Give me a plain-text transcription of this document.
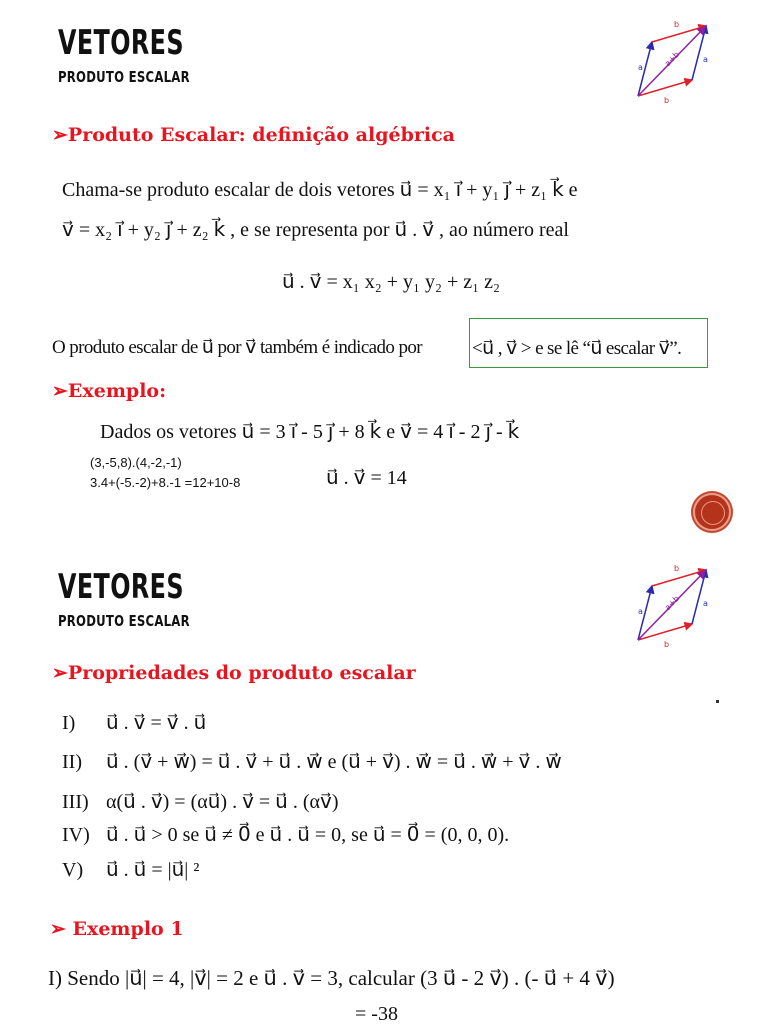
VETORES
PRODUTO ESCALAR
b
a
a
b
a+b
➢Produto Escalar: definição algébrica
Chama-se produto escalar de dois vetores u⃗ = x₁ i⃗ + y₁ j⃗ + z₁ k⃗ e
v⃗ = x₂ i⃗ + y₂ j⃗ + z₂ k⃗ , e se representa por u⃗ . v⃗ , ao número real
u⃗ . v⃗ = x₁ x₂ + y₁ y₂ + z₁ z₂
O produto escalar de u⃗ por v⃗ também é indicado por	<u⃗ , v⃗ > e se lê “u⃗ escalar v⃗”.
➢Exemplo:
Dados os vetores u⃗ = 3 i⃗ - 5 j⃗ + 8 k⃗ e v⃗ = 4 i⃗ - 2 j⃗ - k⃗
(3,-5,8).(4,-2,-1)
3.4+(-5.-2)+8.-1 =12+10-8	u⃗ . v⃗ = 14
VETORES
PRODUTO ESCALAR
b
a
a
b
a+b
➢Propriedades do produto escalar
I) u⃗ . v⃗ = v⃗ . u⃗
II) u⃗ . (v⃗ + w⃗) = u⃗ . v⃗ + u⃗ . w⃗ e (u⃗ + v⃗) . w⃗ = u⃗ . w⃗ + v⃗ . w⃗
III) α(u⃗ . v⃗) = (αu⃗) . v⃗ = u⃗ . (αv⃗)
IV) u⃗ . u⃗ > 0 se u⃗ ≠ 0⃗ e u⃗ . u⃗ = 0, se u⃗ = 0⃗ = (0, 0, 0).
V) u⃗ . u⃗ = |u⃗| ²
➢ Exemplo 1
I) Sendo |u⃗| = 4, |v⃗| = 2 e u⃗ . v⃗ = 3, calcular (3 u⃗ - 2 v⃗) . (- u⃗ + 4 v⃗)
= -38
